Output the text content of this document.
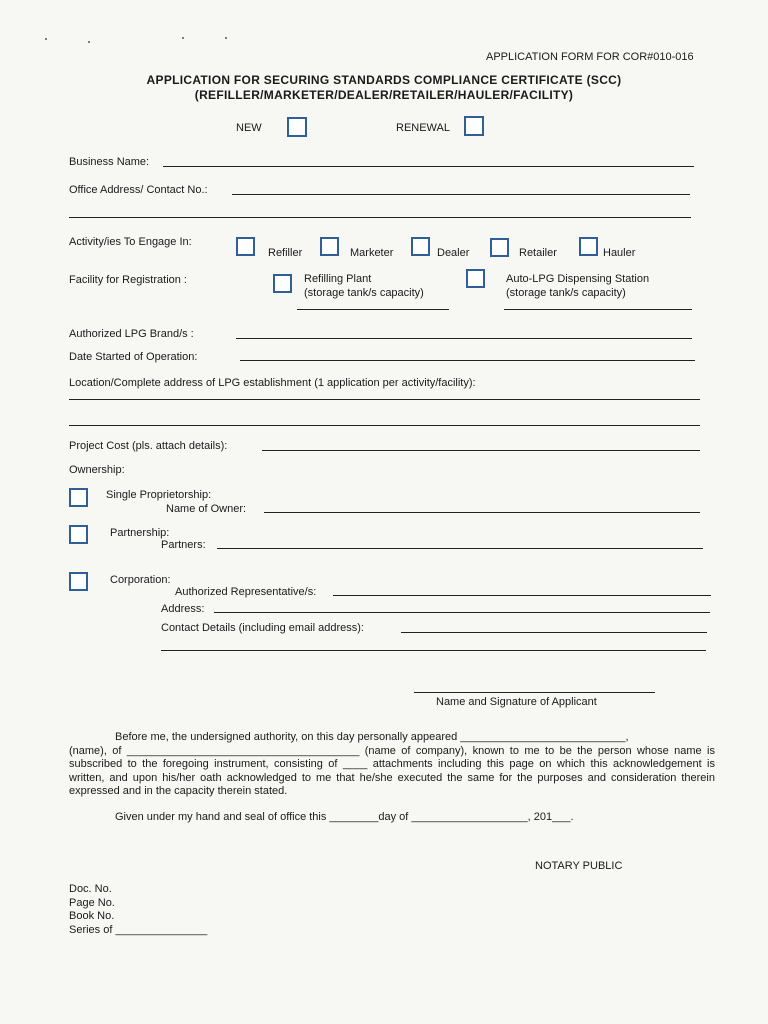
APPLICATION FORM FOR COR#010-016
APPLICATION FOR SECURING STANDARDS COMPLIANCE CERTIFICATE (SCC)
(REFILLER/MARKETER/DEALER/RETAILER/HAULER/FACILITY)
NEW	RENEWAL
Business Name:
Office Address/ Contact No.:
Activity/ies To Engage In:
Refiller	Marketer	Dealer	Retailer	Hauler
Facility for Registration :	Refilling Plant
(storage tank/s capacity)
Auto-LPG Dispensing Station
(storage tank/s capacity)
Authorized LPG Brand/s :
Date Started of Operation:
Location/Complete address of LPG establishment (1 application per activity/facility):
Project Cost (pls. attach details):
Ownership:
Single Proprietorship:
Name of Owner:
Partnership:
Partners:
Corporation:
Authorized Representative/s:
Address:
Contact Details (including email address):
Name and Signature of Applicant

Before me, the undersigned authority, on this day personally appeared ___________________________,

(name), of ______________________________________ (name of company), known to me to be the person whose name is subscribed to the foregoing instrument, consisting of ____ attachments including this page on which this acknowledgement is written, and upon his/her oath acknowledged to me that he/she executed the same for the purposes and consideration therein expressed and in the capacity therein stated.

Given under my hand and seal of office this ________day of ___________________, 201___.
NOTARY PUBLIC
Doc. No.
Page No.
Book No.
Series of _______________
